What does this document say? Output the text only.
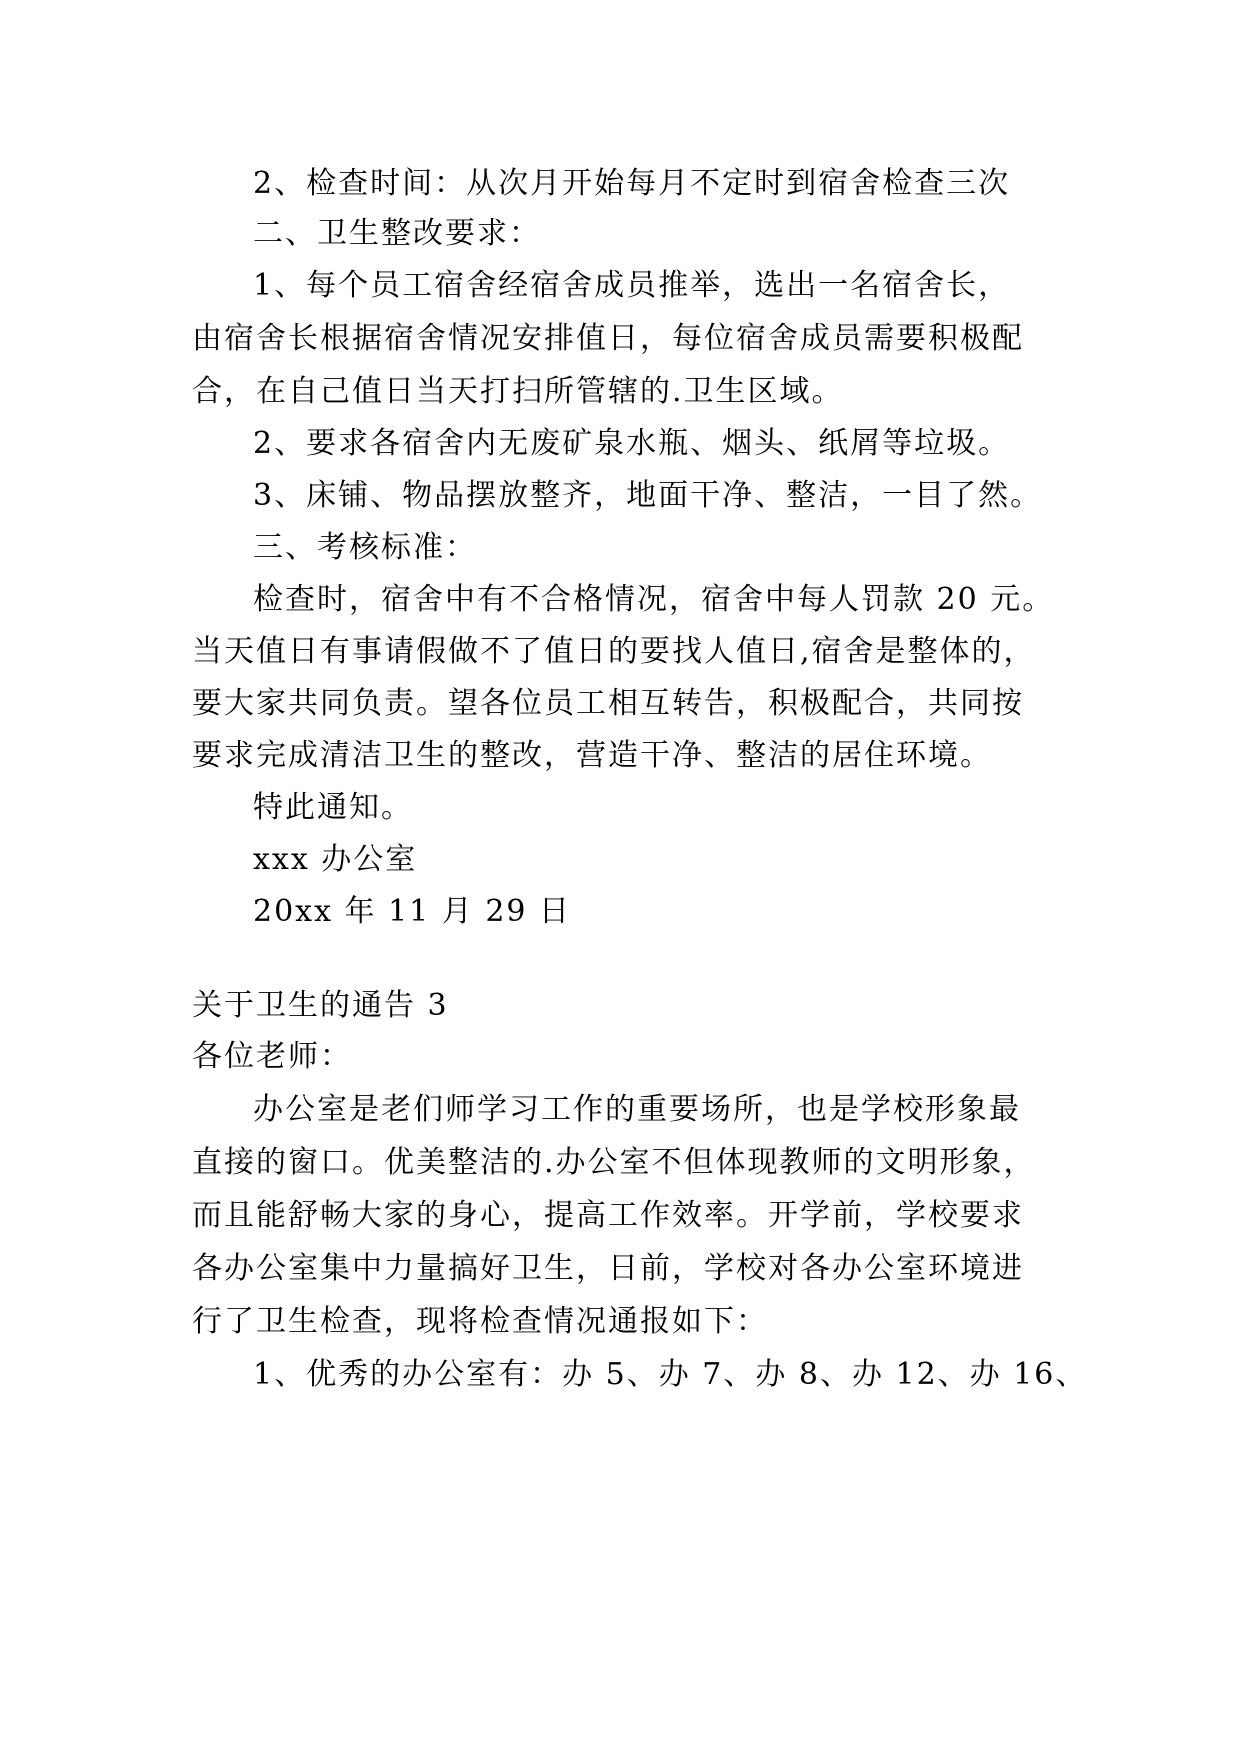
2、检查时间：从次月开始每月不定时到宿舍检查三次
二、卫生整改要求：
1、每个员工宿舍经宿舍成员推举，选出一名宿舍长，
由宿舍长根据宿舍情况安排值日，每位宿舍成员需要积极配
合，在自己值日当天打扫所管辖的.卫生区域。
2、要求各宿舍内无废矿泉水瓶、烟头、纸屑等垃圾。
3、床铺、物品摆放整齐，地面干净、整洁，一目了然。
三、考核标准：
检查时，宿舍中有不合格情况，宿舍中每人罚款 20 元。
当天值日有事请假做不了值日的要找人值日,宿舍是整体的，
要大家共同负责。望各位员工相互转告，积极配合，共同按
要求完成清洁卫生的整改，营造干净、整洁的居住环境。
特此通知。
xxx 办公室
20xx 年 11 月 29 日
关于卫生的通告 3
各位老师：
办公室是老们师学习工作的重要场所，也是学校形象最
直接的窗口。优美整洁的.办公室不但体现教师的文明形象，
而且能舒畅大家的身心，提高工作效率。开学前，学校要求
各办公室集中力量搞好卫生，日前，学校对各办公室环境进
行了卫生检查，现将检查情况通报如下：
1、优秀的办公室有：办 5、办 7、办 8、办 12、办 16、
